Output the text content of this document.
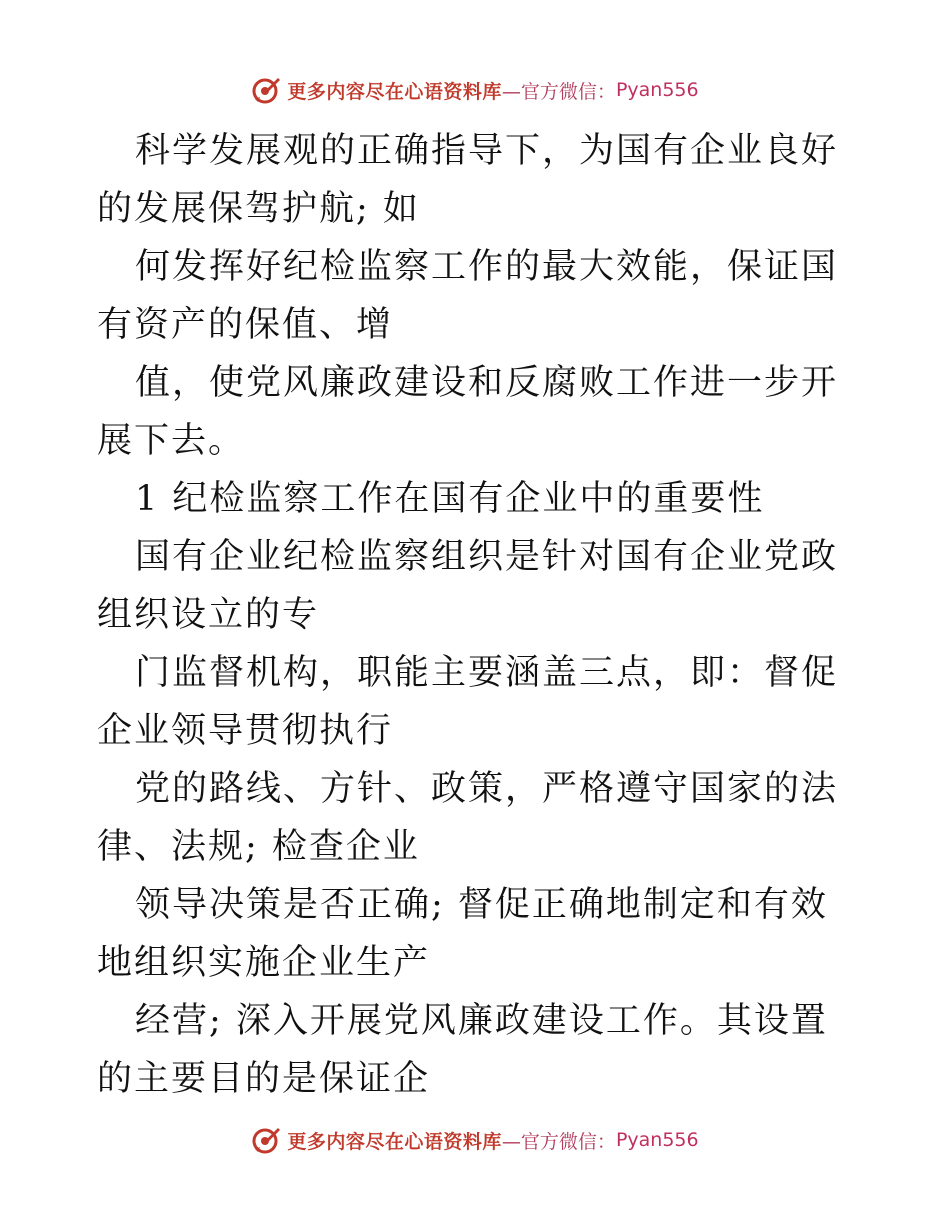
更多内容尽在心语资料库 —官方微信： Pyan556

科学发展观的正确指导下，为国有企业良好的发展保驾护航; 如

何发挥好纪检监察工作的最大效能，保证国有资产的保值、增

值，使党风廉政建设和反腐败工作进一步开展下去。

1 纪检监察工作在国有企业中的重要性

国有企业纪检监察组织是针对国有企业党政组织设立的专

门监督机构，职能主要涵盖三点，即：督促企业领导贯彻执行

党的路线、方针、政策，严格遵守国家的法律、法规; 检查企业

领导决策是否正确; 督促正确地制定和有效地组织实施企业生产

经营; 深入开展党风廉政建设工作。其设置的主要目的是保证企

更多内容尽在心语资料库 —官方微信： Pyan556
